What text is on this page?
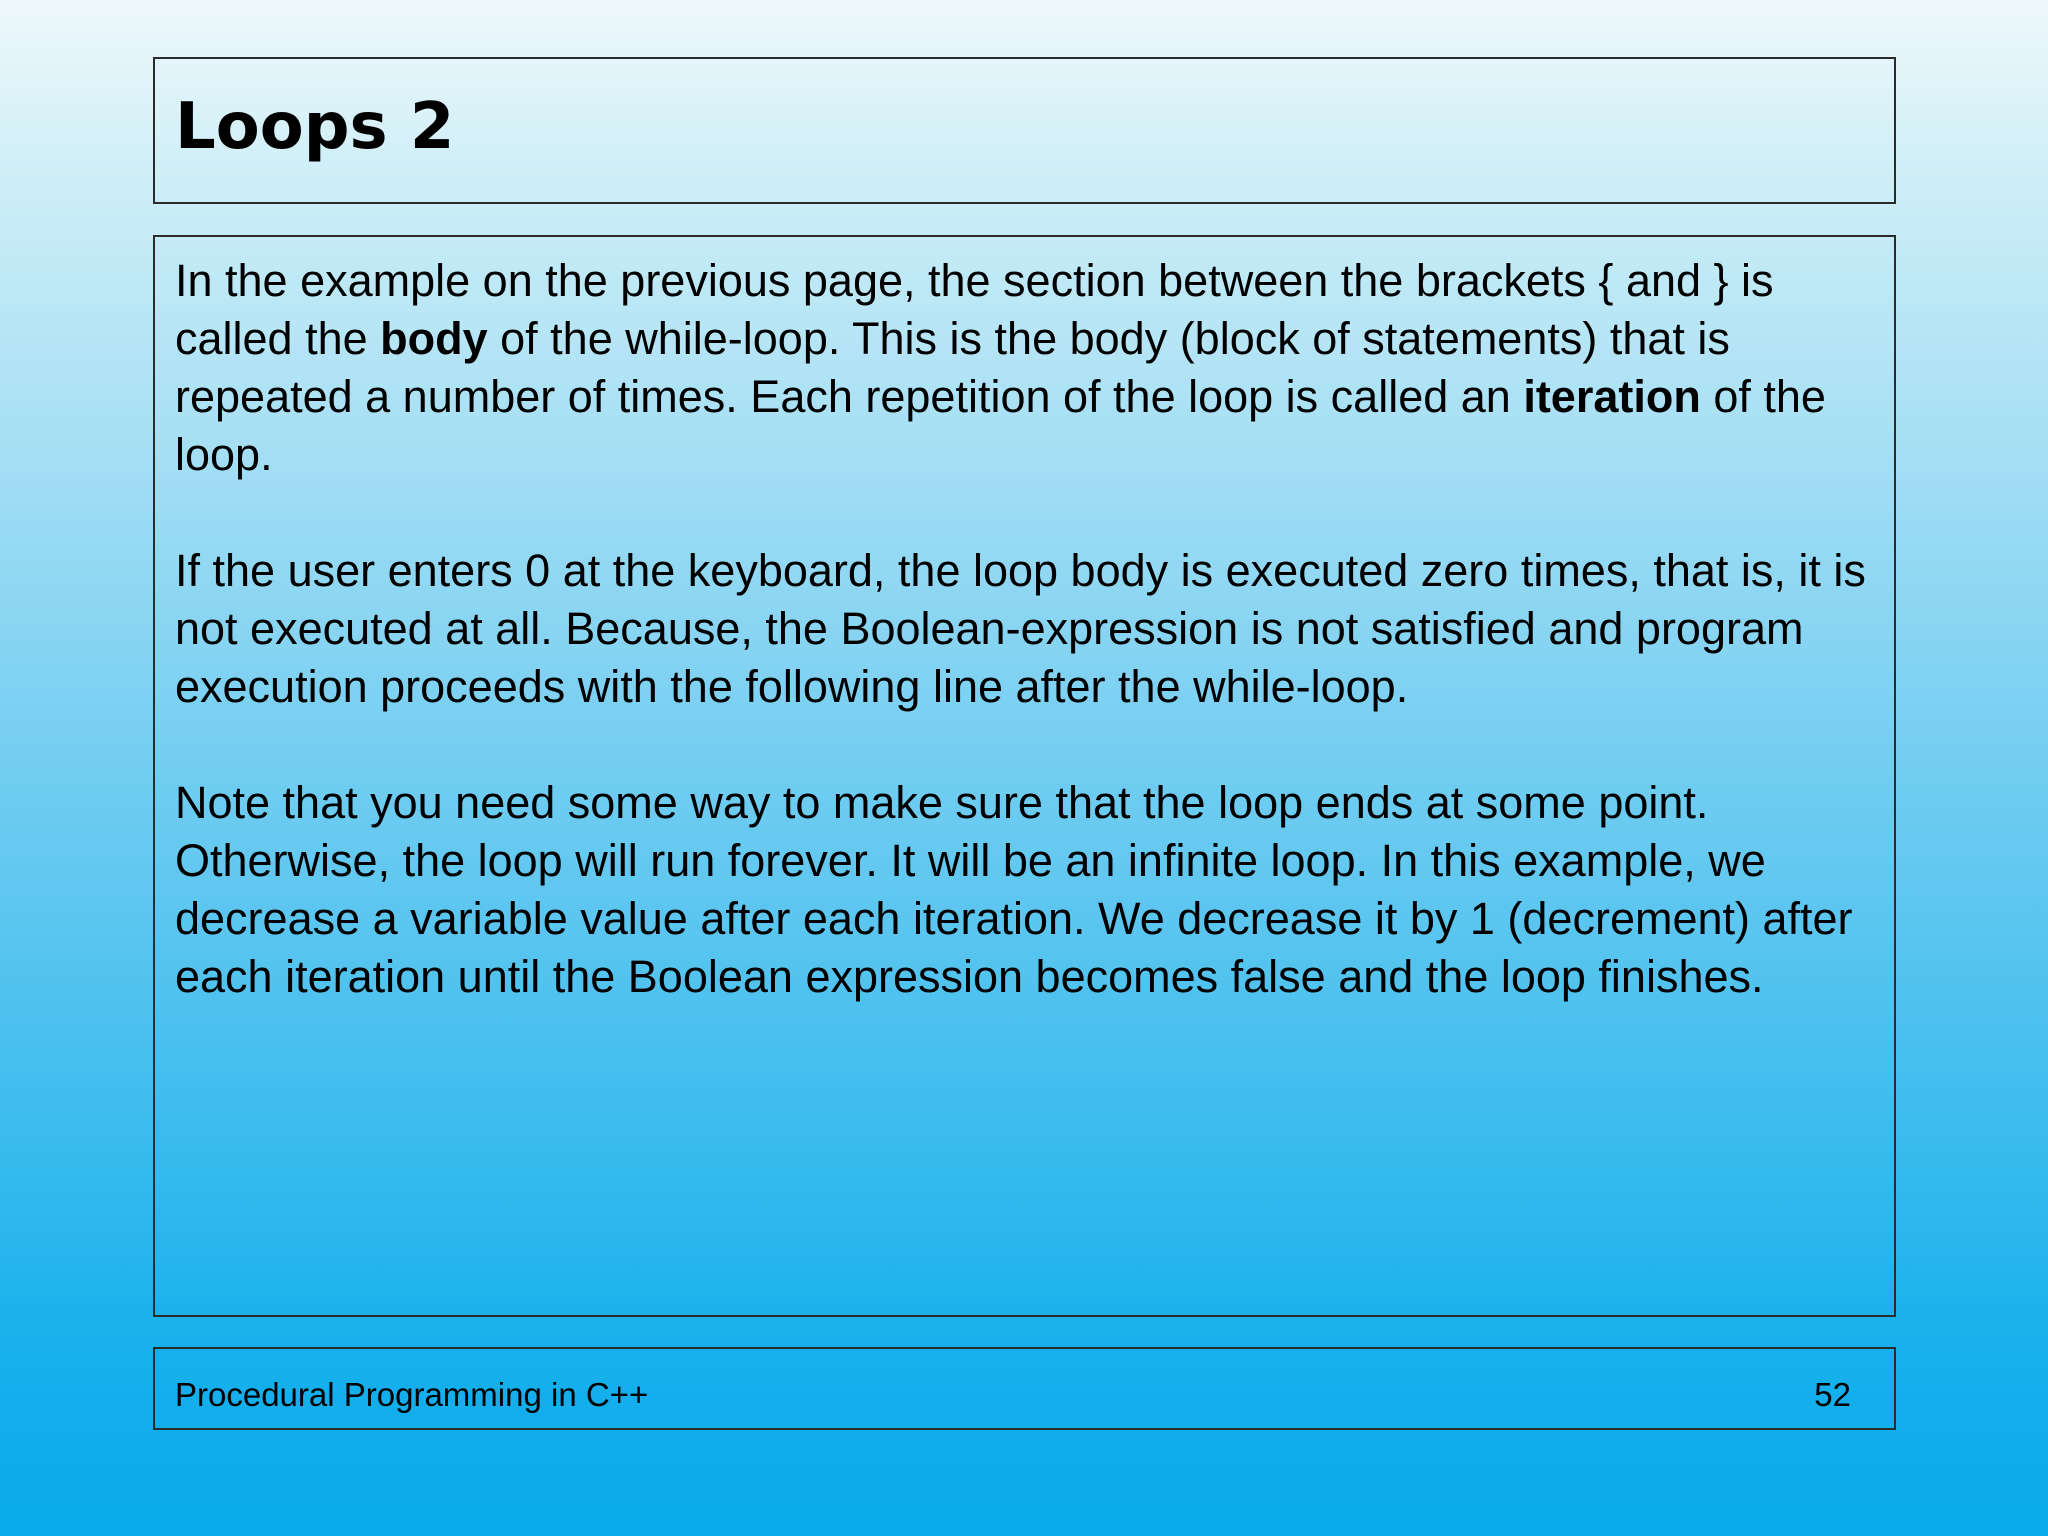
Loops 2

In the example on the previous page, the section between the brackets { and } is called the body of the while-loop. This is the body (block of statements) that is repeated a number of times. Each repetition of the loop is called an iteration of the loop.

If the user enters 0 at the keyboard, the loop body is executed zero times, that is, it is not executed at all. Because, the Boolean-expression is not satisfied and program execution proceeds with the following line after the while-loop.

Note that you need some way to make sure that the loop ends at some point. Otherwise, the loop will run forever. It will be an infinite loop. In this example, we decrease a variable value after each iteration. We decrease it by 1 (decrement) after each iteration until the Boolean expression becomes false and the loop finishes.

Procedural Programming in C++	52
